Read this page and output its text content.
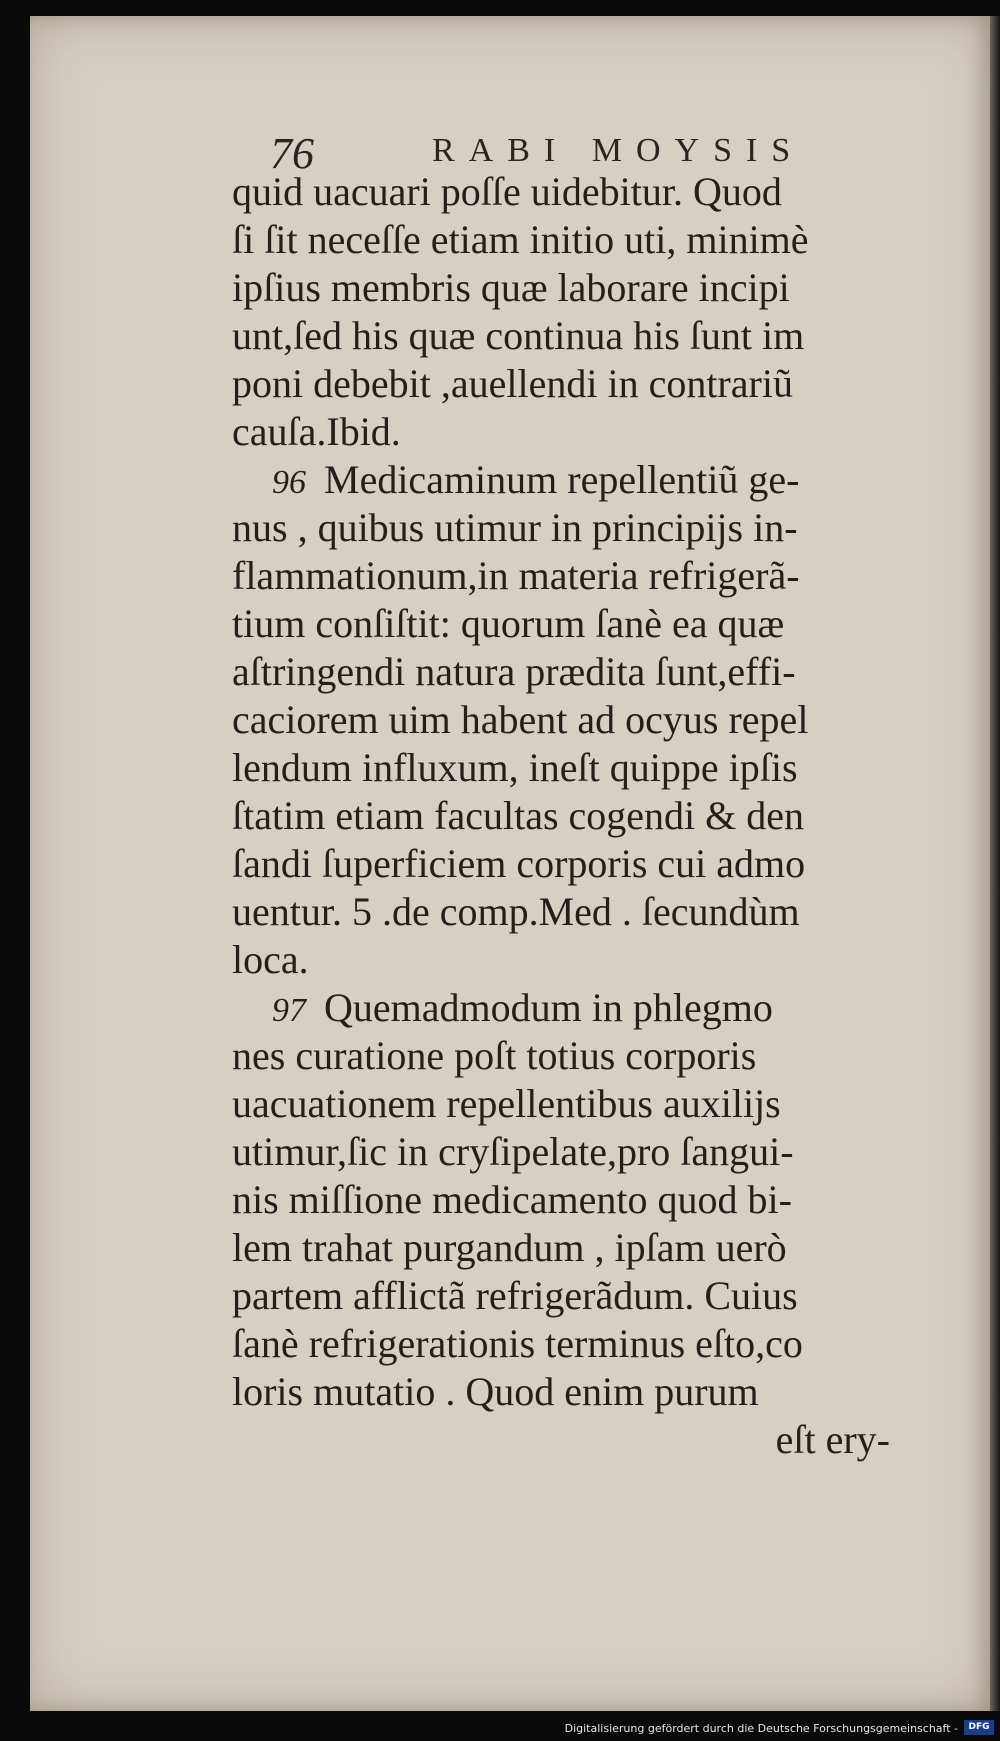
76	RABI MOYSIS
quid uacuari poſſe uidebitur. Quod
ſi ſit neceſſe etiam initio uti, minimè
ipſius membris quæ laborare incipi
unt,ſed his quæ continua his ſunt im
poni debebit ,auellendi in contrariũ
cauſa.Ibid.
96 Medicaminum repellentiũ ge-
nus , quibus utimur in principijs in-
flammationum,in materia refrigerã-
tium conſiſtit: quorum ſanè ea quæ
aſtringendi natura prædita ſunt,effi-
caciorem uim habent ad ocyus repel
lendum influxum, ineſt quippe ipſis
ſtatim etiam facultas cogendi & den
ſandi ſuperficiem corporis cui admo
uentur. 5 .de comp.Med . ſecundùm
loca.
97 Quemadmodum in phlegmo
nes curatione poſt totius corporis
uacuationem repellentibus auxilijs
utimur,ſic in cryſipelate,pro ſangui-
nis miſſione medicamento quod bi-
lem trahat purgandum , ipſam uerò
partem afflictã refrigerãdum. Cuius
ſanè refrigerationis terminus eſto,co
loris mutatio . Quod enim purum
eſt ery-
Digitalisierung gefördert durch die Deutsche Forschungsgemeinschaft -	DFG
